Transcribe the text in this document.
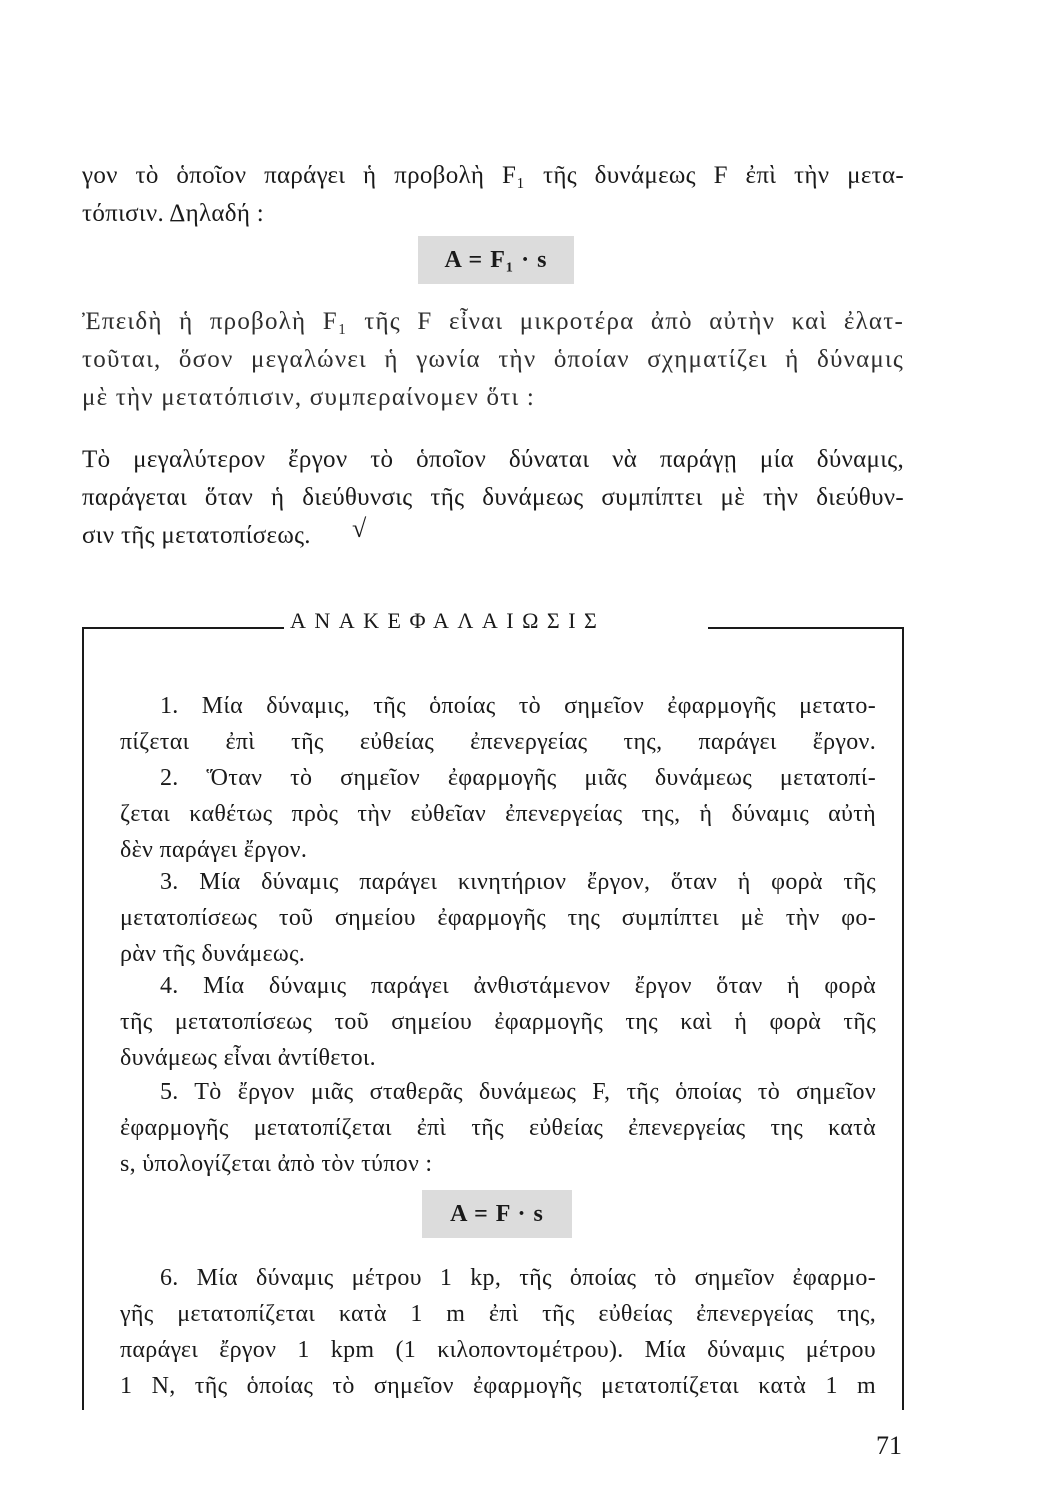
γον τὸ ὁποῖον παράγει ἡ προβολὴ F₁ τῆς δυνάμεως F ἐπὶ τὴν μετα-
τόπισιν. Δηλαδή :
A = F₁ · s
Ἐπειδὴ ἡ προβολὴ F₁ τῆς F εἶναι μικροτέρα ἀπὸ αὐτὴν καὶ ἐλατ-
τοῦται, ὅσον μεγαλώνει ἡ γωνία τὴν ὁποίαν σχηματίζει ἡ δύναμις
μὲ τὴν μετατόπισιν, συμπεραίνομεν ὅτι :
Τὸ μεγαλύτερον ἔργον τὸ ὁποῖον δύναται νὰ παράγῃ μία δύναμις,
παράγεται ὅταν ἡ διεύθυνσις τῆς δυνάμεως συμπίπτει μὲ τὴν διεύθυν-
σιν τῆς μετατοπίσεως.	√
ΑΝΑΚΕΦΑΛΑΙΩΣΙΣ
1. Μία δύναμις, τῆς ὁποίας τὸ σημεῖον ἐφαρμογῆς μετατο-
πίζεται ἐπὶ τῆς εὐθείας ἐπενεργείας της, παράγει ἔργον.
2. Ὅταν τὸ σημεῖον ἐφαρμογῆς μιᾶς δυνάμεως μετατοπί-
ζεται καθέτως πρὸς τὴν εὐθεῖαν ἐπενεργείας της, ἡ δύναμις αὐτὴ
δὲν παράγει ἔργον.
3. Μία δύναμις παράγει κινητήριον ἔργον, ὅταν ἡ φορὰ τῆς
μετατοπίσεως τοῦ σημείου ἐφαρμογῆς της συμπίπτει μὲ τὴν φο-
ρὰν τῆς δυνάμεως.
4. Μία δύναμις παράγει ἀνθιστάμενον ἔργον ὅταν ἡ φορὰ
τῆς μετατοπίσεως τοῦ σημείου ἐφαρμογῆς της καὶ ἡ φορὰ τῆς
δυνάμεως εἶναι ἀντίθετοι.
5. Τὸ ἔργον μιᾶς σταθερᾶς δυνάμεως F, τῆς ὁποίας τὸ σημεῖον
ἐφαρμογῆς μετατοπίζεται ἐπὶ τῆς εὐθείας ἐπενεργείας της κατὰ
s, ὑπολογίζεται ἀπὸ τὸν τύπον :
A = F · s
6. Μία δύναμις μέτρου 1 kp, τῆς ὁποίας τὸ σημεῖον ἐφαρμο-
γῆς μετατοπίζεται κατὰ 1 m ἐπὶ τῆς εὐθείας ἐπενεργείας της,
παράγει ἔργον 1 kpm (1 κιλοποντομέτρου). Μία δύναμις μέτρου
1 N, τῆς ὁποίας τὸ σημεῖον ἐφαρμογῆς μετατοπίζεται κατὰ 1 m
71
